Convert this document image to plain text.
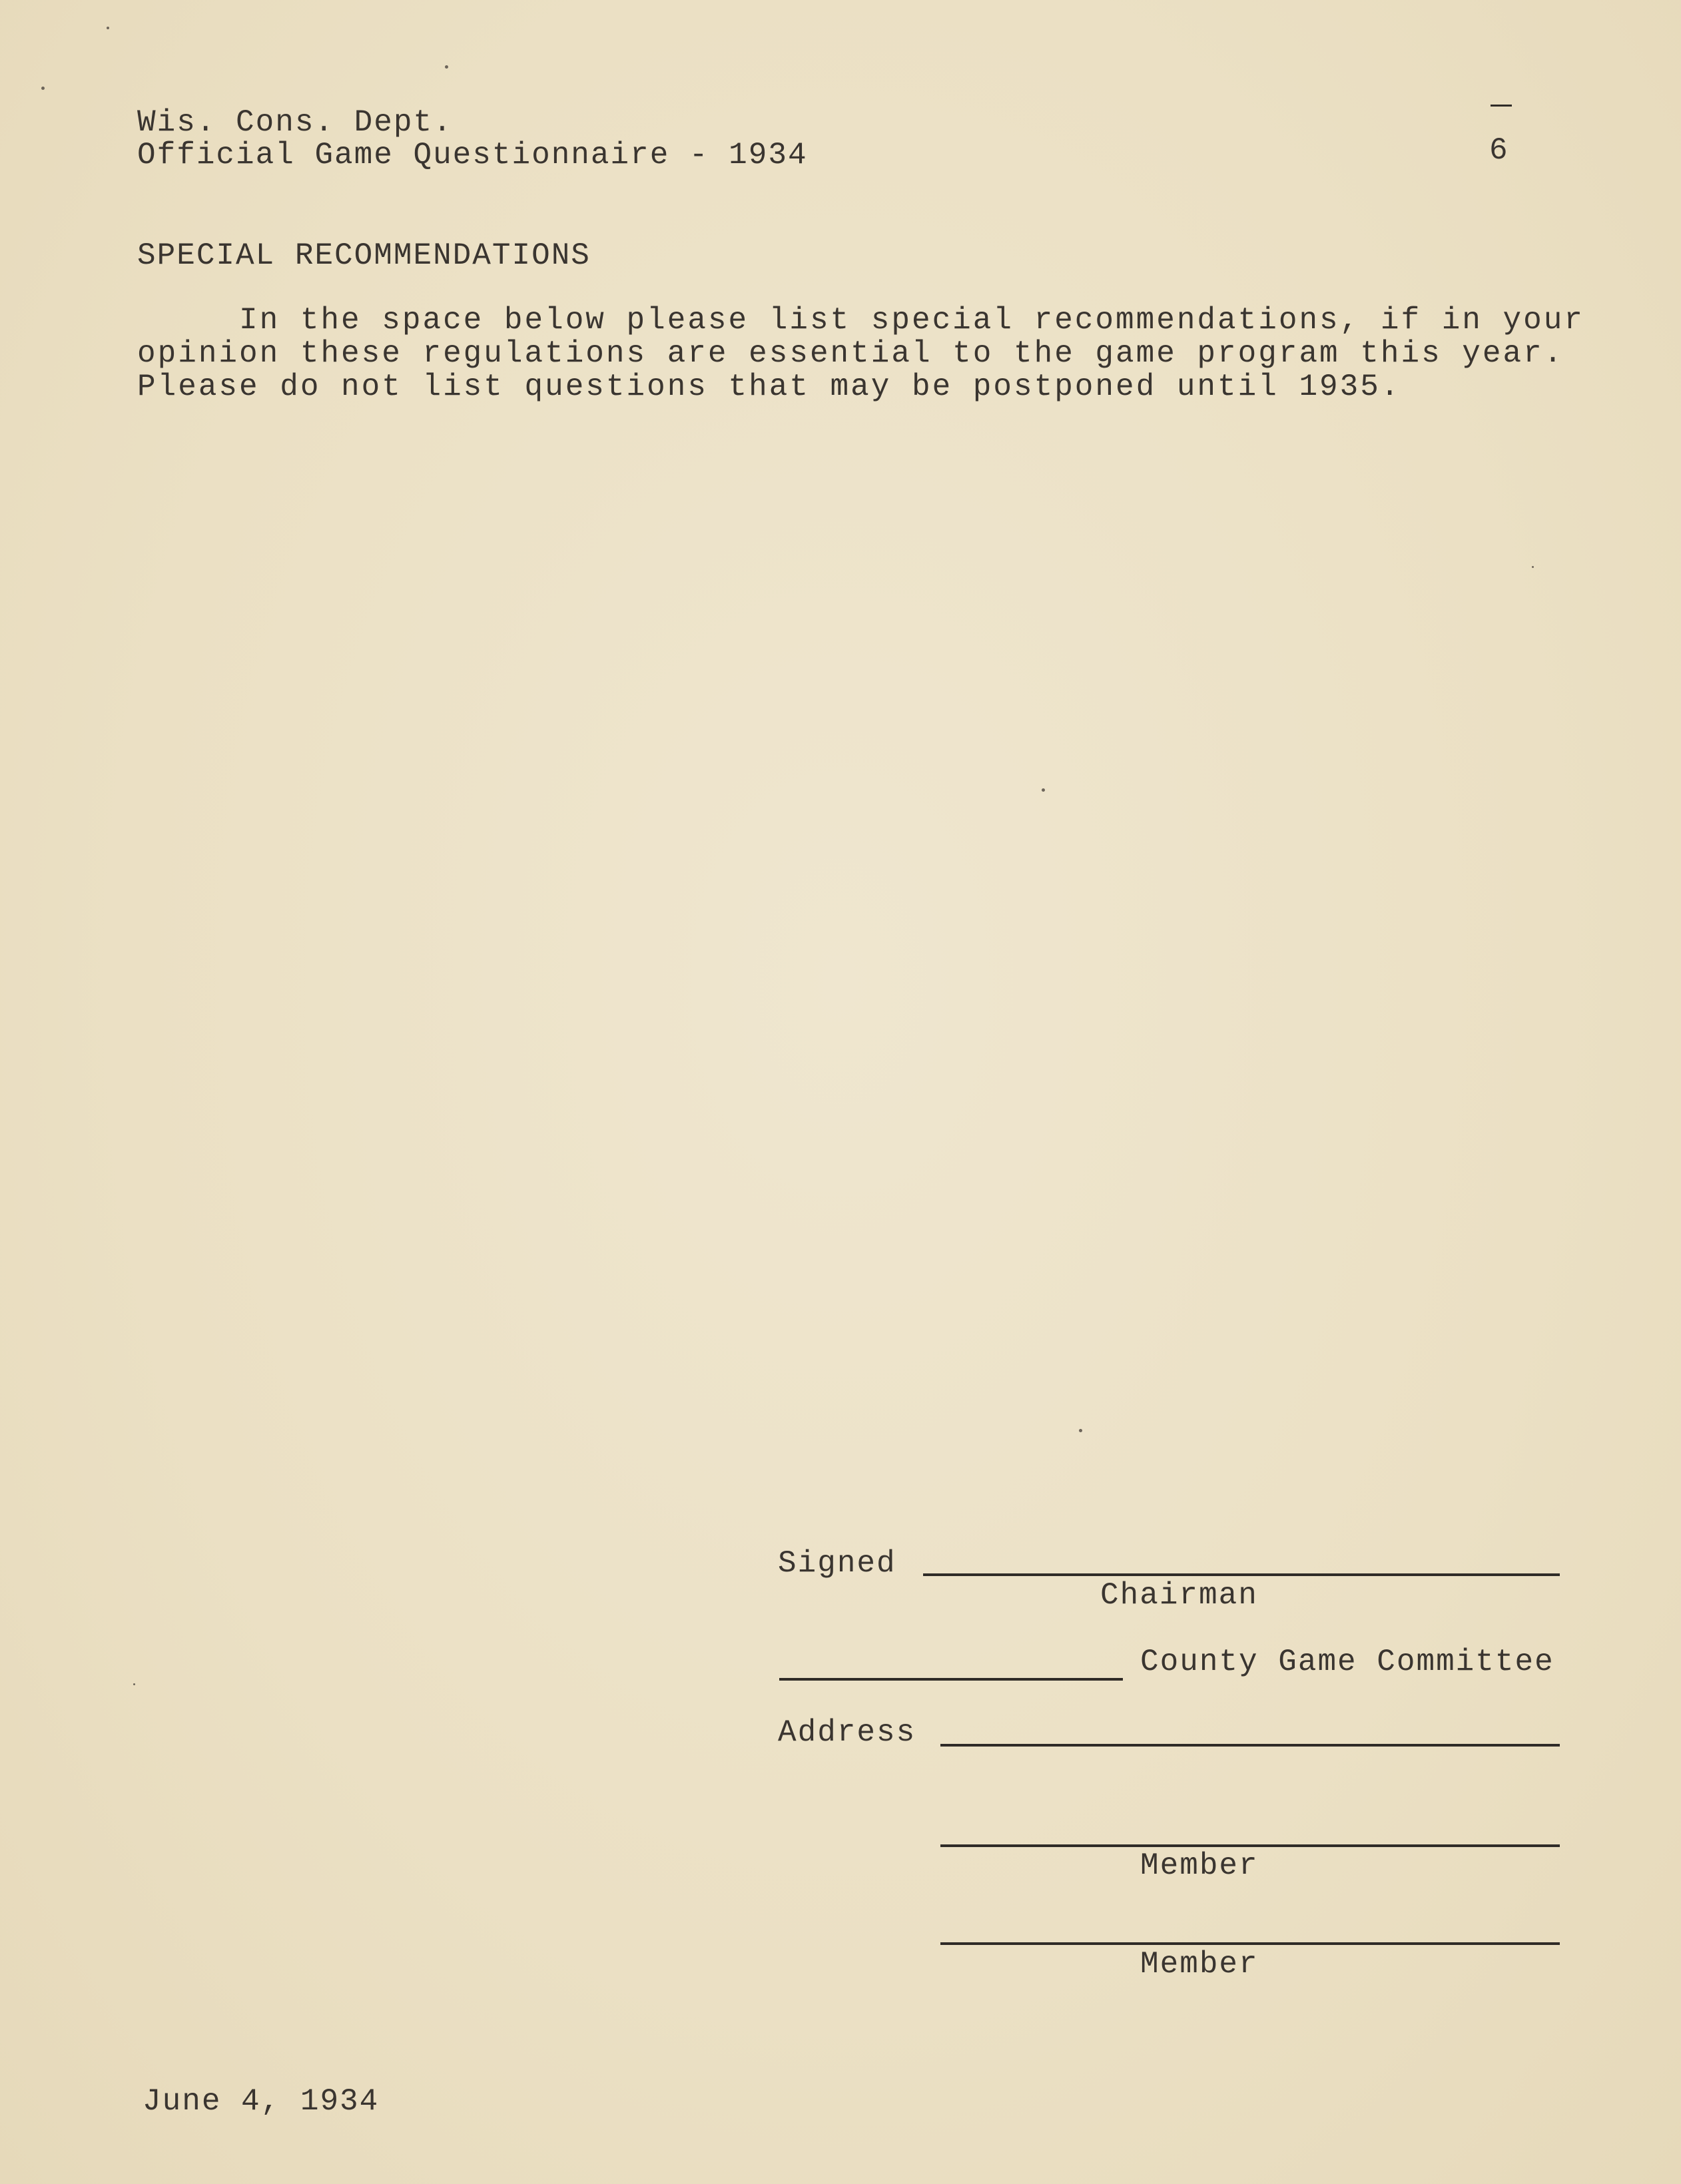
Wis. Cons. Dept.
Official Game Questionnaire - 1934	6
SPECIAL RECOMMENDATIONS
In the space below please list special recommendations, if in your
opinion these regulations are essential to the game program this year.
Please do not list questions that may be postponed until 1935.
Signed
Chairman
County Game Committee
Address
Member
Member
June 4, 1934
